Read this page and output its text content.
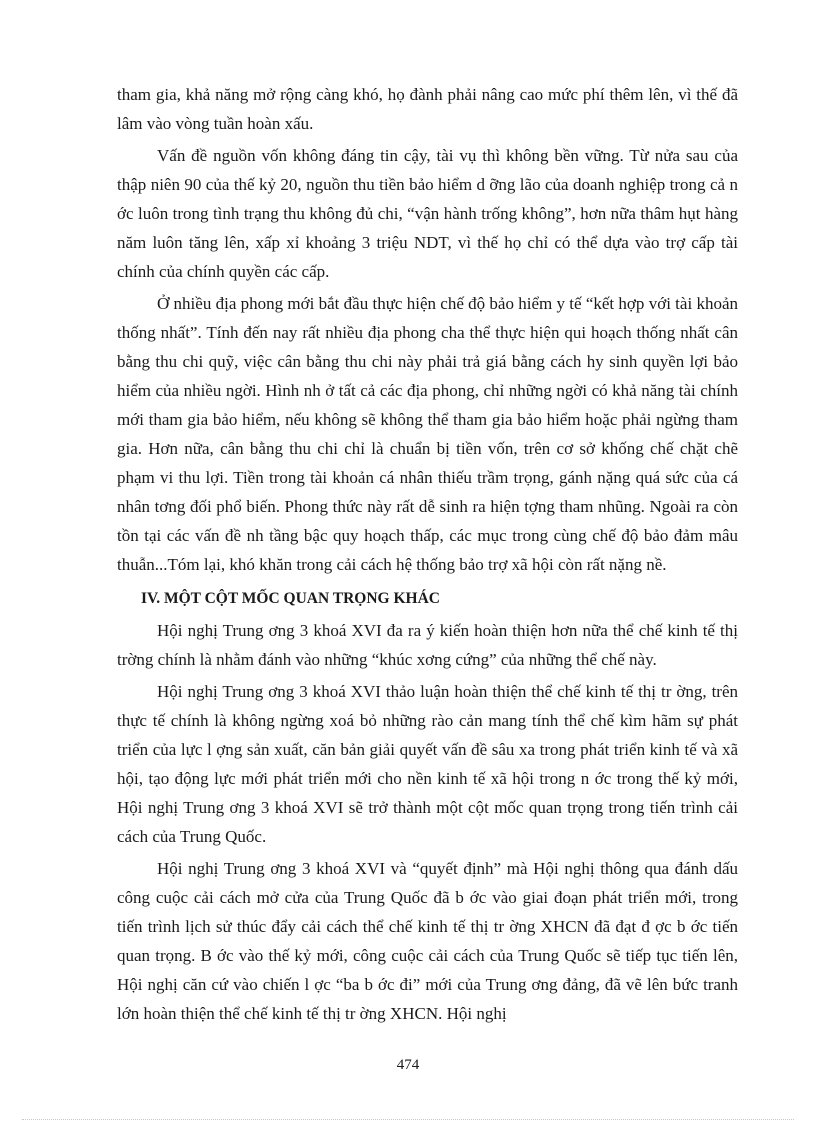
tham gia, khả năng mở rộng càng khó, họ đành phải nâng cao mức phí thêm lên, vì thế đã lâm vào vòng tuần hoàn xấu.

Vấn đề nguồn vốn không đáng tin cậy, tài vụ thì không bền vững. Từ nửa sau của thập niên 90 của thế kỷ 20, nguồn thu tiền bảo hiểm d ỡng lão của doanh nghiệp trong cả n ớc luôn trong tình trạng thu không đủ chi, “vận hành trống không”, hơn nữa thâm hụt hàng năm luôn tăng lên, xấp xỉ khoảng 3 triệu NDT, vì thế họ chỉ có thể dựa vào trợ cấp tài chính của chính quyền các cấp.

Ở nhiều địa phong mới bắt đầu thực hiện chế độ bảo hiểm y tế “kết hợp với tài khoản thống nhất”. Tính đến nay rất nhiều địa phong cha thể thực hiện qui hoạch thống nhất cân bằng thu chi quỹ, việc cân bằng thu chi này phải trả giá bằng cách hy sinh quyền lợi bảo hiểm của nhiều ngời. Hình nh ở tất cả các địa phong, chỉ những ngời có khả năng tài chính mới tham gia bảo hiểm, nếu không sẽ không thể tham gia bảo hiểm hoặc phải ngừng tham gia. Hơn nữa, cân bằng thu chi chỉ là chuẩn bị tiền vốn, trên cơ sở khống chế chặt chẽ phạm vi thu lợi. Tiền trong tài khoản cá nhân thiếu trầm trọng, gánh nặng quá sức của cá nhân tơng đối phổ biến. Phong thức này rất dễ sinh ra hiện tợng tham nhũng. Ngoài ra còn tồn tại các vấn đề nh tầng bậc quy hoạch thấp, các mục trong cùng chế độ bảo đảm mâu thuẫn...Tóm lại, khó khăn trong cải cách hệ thống bảo trợ xã hội còn rất nặng nề.

IV. MỘT CỘT MỐC QUAN TRỌNG KHÁC

Hội nghị Trung ơng 3 khoá XVI đa ra ý kiến hoàn thiện hơn nữa thể chế kinh tế thị trờng chính là nhằm đánh vào những “khúc xơng cứng” của những thể chế này.

Hội nghị Trung ơng 3 khoá XVI thảo luận hoàn thiện thể chế kinh tế thị tr ờng, trên thực tế chính là không ngừng xoá bỏ những rào cản mang tính thể chế kìm hãm sự phát triển của lực l ợng sản xuất, căn bản giải quyết vấn đề sâu xa trong phát triển kinh tế và xã hội, tạo động lực mới phát triển mới cho nền kinh tế xã hội trong n ớc trong thế kỷ mới, Hội nghị Trung ơng 3 khoá XVI sẽ trở thành một cột mốc quan trọng trong tiến trình cải cách của Trung Quốc.

Hội nghị Trung ơng 3 khoá XVI và “quyết định” mà Hội nghị thông qua đánh dấu công cuộc cải cách mở cửa của Trung Quốc đã b ớc vào giai đoạn phát triển mới, trong tiến trình lịch sử thúc đẩy cải cách thể chế kinh tế thị tr ờng XHCN đã đạt đ ợc b ớc tiến quan trọng. B ớc vào thế kỷ mới, công cuộc cải cách của Trung Quốc sẽ tiếp tục tiến lên, Hội nghị căn cứ vào chiến l ợc “ba b ớc đi” mới của Trung ơng đảng, đã vẽ lên bức tranh lớn hoàn thiện thể chế kinh tế thị tr ờng XHCN. Hội nghị

474
